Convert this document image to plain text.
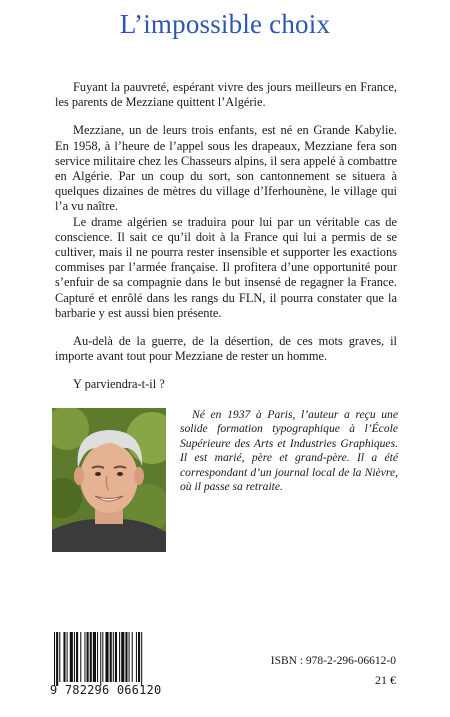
L’impossible choix

Fuyant la pauvreté, espérant vivre des jours meilleurs en France, les parents de Mezziane quittent l’Algérie.

Mezziane, un de leurs trois enfants, est né en Grande Kabylie. En 1958, à l’heure de l’appel sous les drapeaux, Mezziane fera son service militaire chez les Chasseurs alpins, il sera appelé à combattre en Algérie. Par un coup du sort, son cantonnement se situera à quelques dizaines de mètres du village d’Iferhounène, le village qui l’a vu naître.

Le drame algérien se traduira pour lui par un véritable cas de conscience. Il sait ce qu’il doit à la France qui lui a permis de se cultiver, mais il ne pourra rester insensible et supporter les exactions commises par l’armée française. Il profitera d’une opportunité pour s’enfuir de sa compagnie dans le but insensé de regagner la France. Capturé et enrôlé dans les rangs du FLN, il pourra constater que la barbarie y est aussi bien présente.

Au-delà de la guerre, de la désertion, de ces mots graves, il importe avant tout pour Mezziane de rester un homme.

Y parviendra-t-il ?

Né en 1937 à Paris, l’auteur a reçu une solide formation typographique à l’École Supérieure des Arts et Industries Graphiques. Il est marié, père et grand-père. Il a été correspondant d’un journal local de la Nièvre, où il passe sa retraite.

9 782296 066120
ISBN : 978-2-296-06612-0
21 €
